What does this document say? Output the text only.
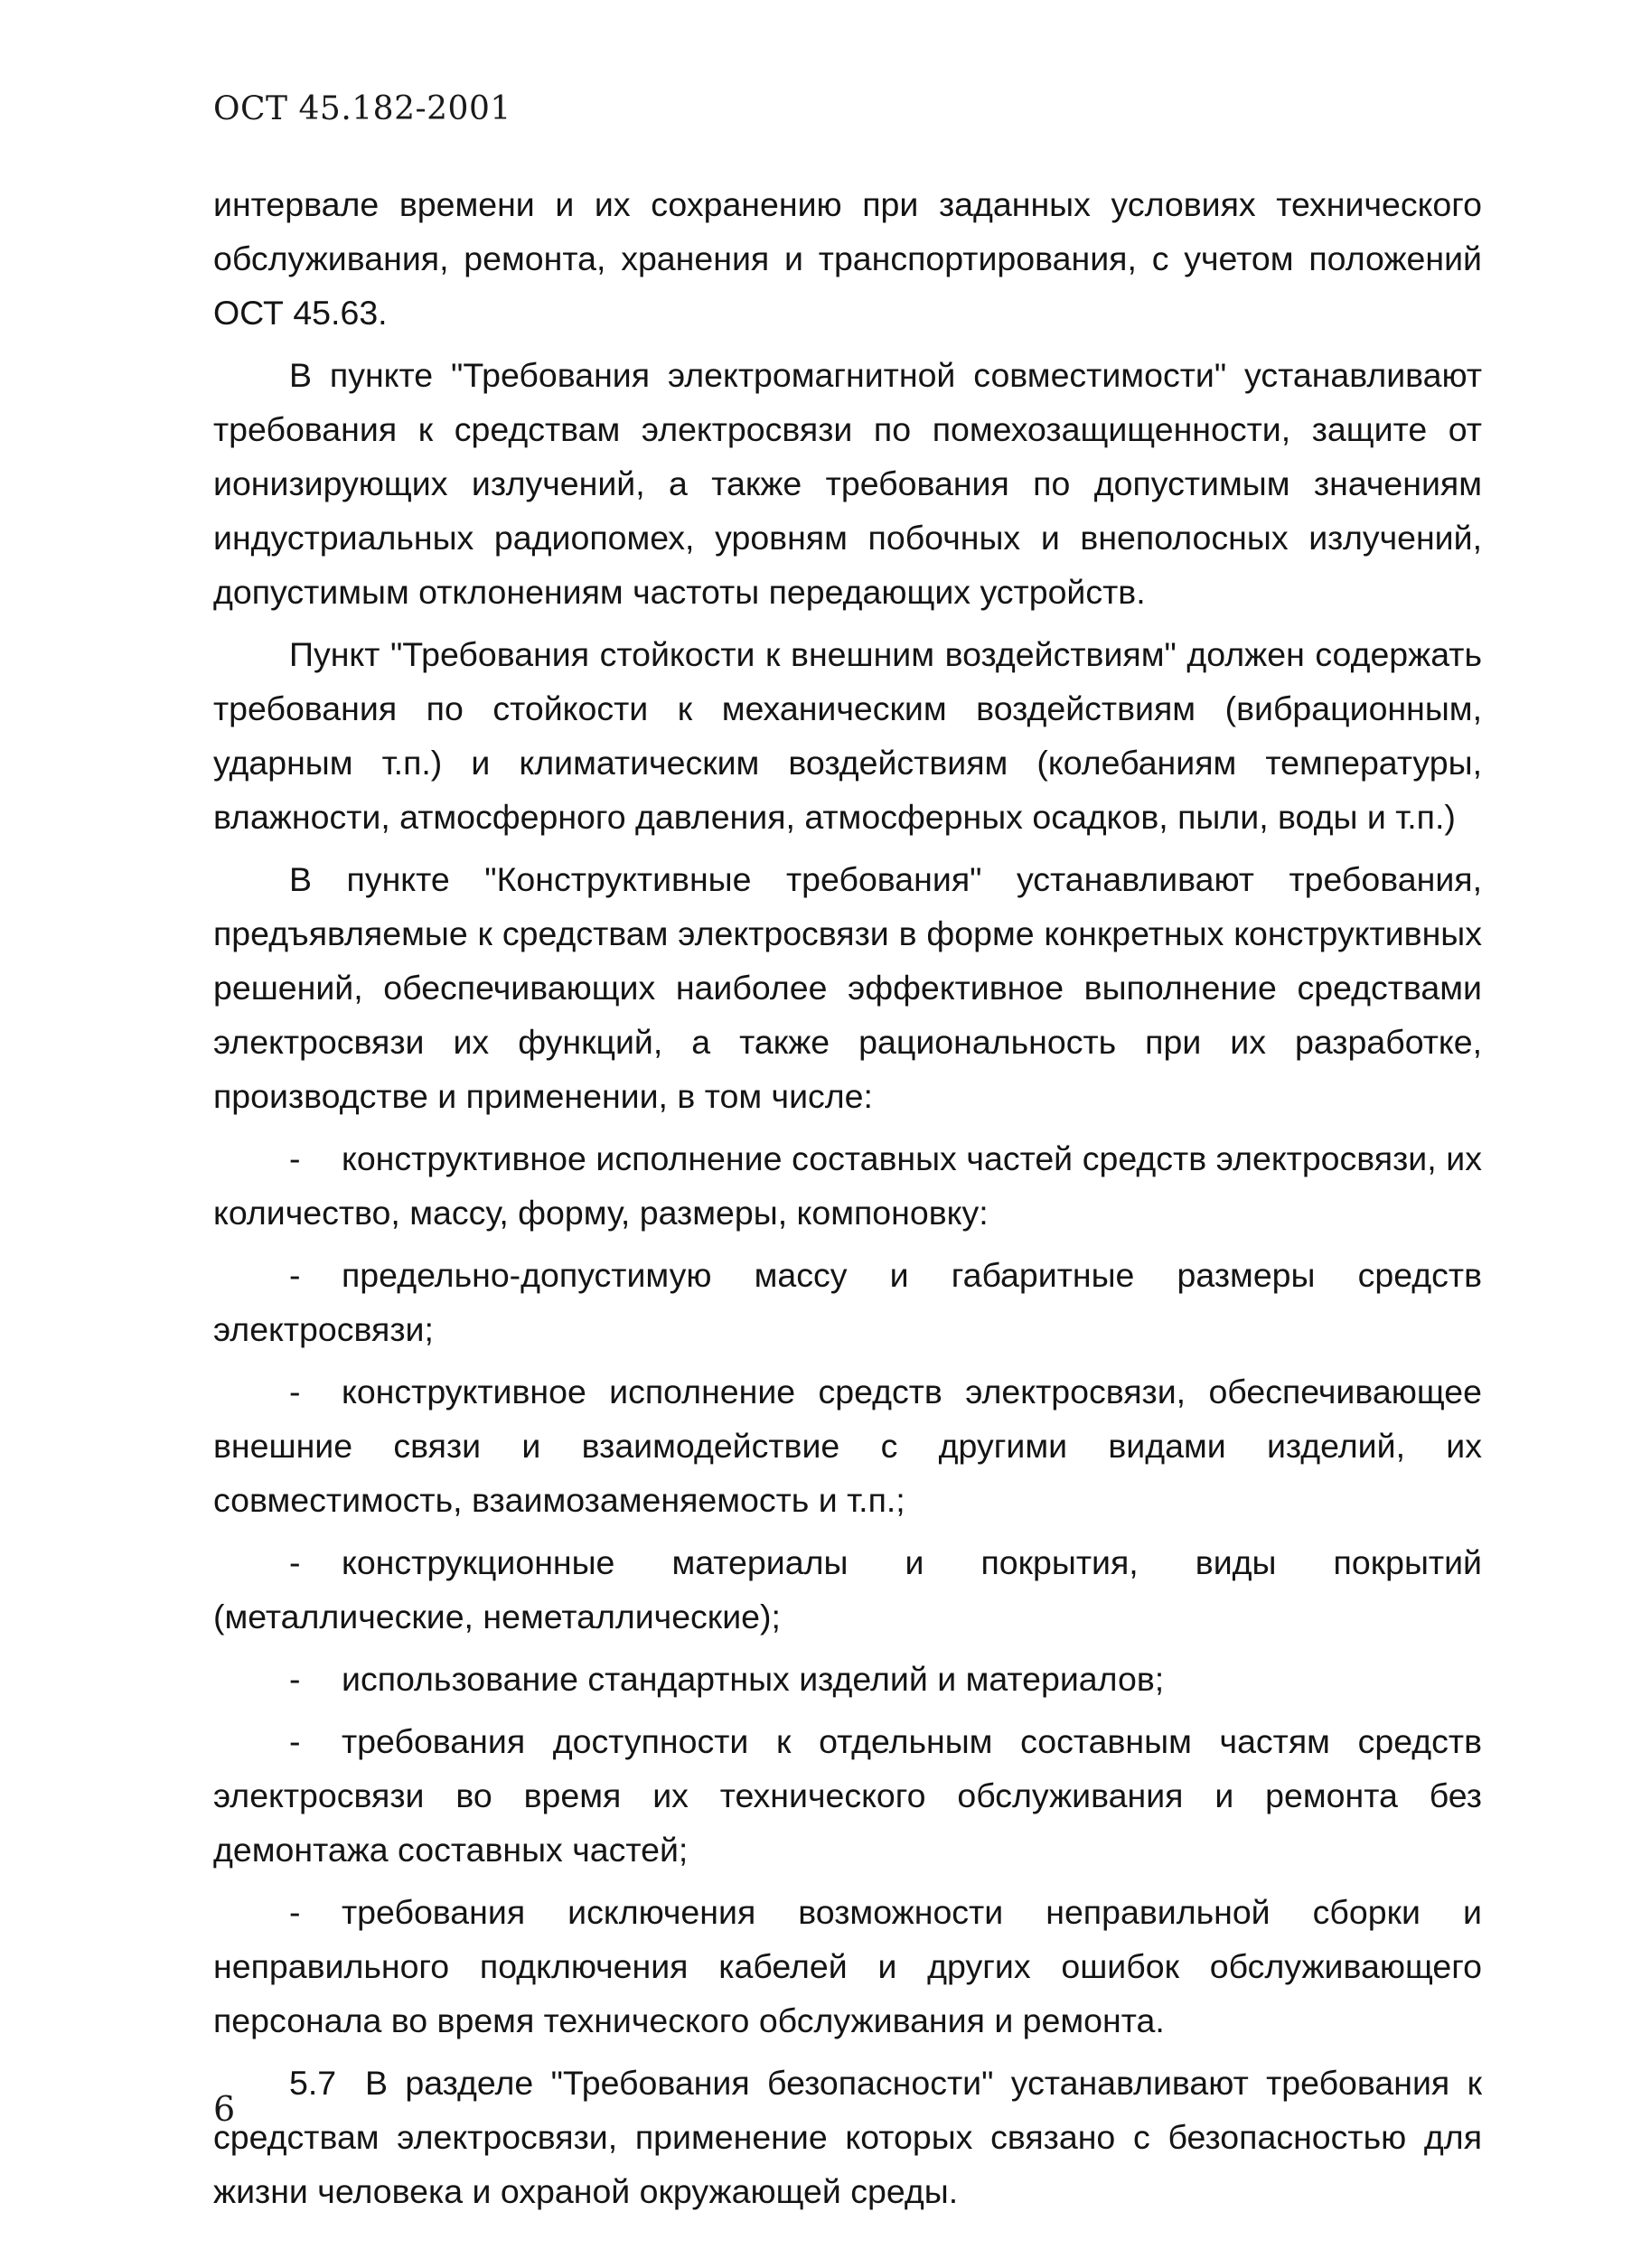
ОСТ 45.182-2001

интервале времени и их сохранению при заданных условиях технического обслуживания, ремонта, хранения и транспортирования, с учетом положений ОСТ 45.63.

В пункте "Требования электромагнитной совместимости" устанавливают требования к средствам электросвязи по помехозащищенности, защите от ионизирующих излучений, а также требования по допустимым значениям индустриальных радиопомех, уровням побочных и внеполосных излучений, допустимым отклонениям частоты передающих устройств.

Пункт "Требования стойкости к внешним воздействиям" должен содержать требования по стойкости к механическим воздействиям (вибрационным, ударным т.п.) и климатическим воздействиям (колебаниям температуры, влажности, атмосферного давления, атмосферных осадков, пыли, воды и т.п.)

В пункте "Конструктивные требования" устанавливают требования, предъявляемые к средствам электросвязи в форме конкретных конструктивных решений, обеспечивающих наиболее эффективное выполнение средствами электросвязи их функций, а также рациональность при их разработке, производстве и применении, в том числе:

- конструктивное исполнение составных частей средств электросвязи, их количество, массу, форму, размеры, компоновку:

- предельно-допустимую массу и габаритные размеры средств электросвязи;

- конструктивное исполнение средств электросвязи, обеспечивающее внешние связи и взаимодействие с другими видами изделий, их совместимость, взаимозаменяемость и т.п.;

- конструкционные материалы и покрытия, виды покрытий (металлические, неметаллические);

- использование стандартных изделий и материалов;

- требования доступности к отдельным составным частям средств электросвязи во время их технического обслуживания и ремонта без демонтажа составных частей;

- требования исключения возможности неправильной сборки и неправильного подключения кабелей и других ошибок обслуживающего персонала во время технического обслуживания и ремонта.

5.7 В разделе "Требования безопасности" устанавливают требования к средствам электросвязи, применение которых связано с безопасностью для жизни человека и охраной окружающей среды.

6
